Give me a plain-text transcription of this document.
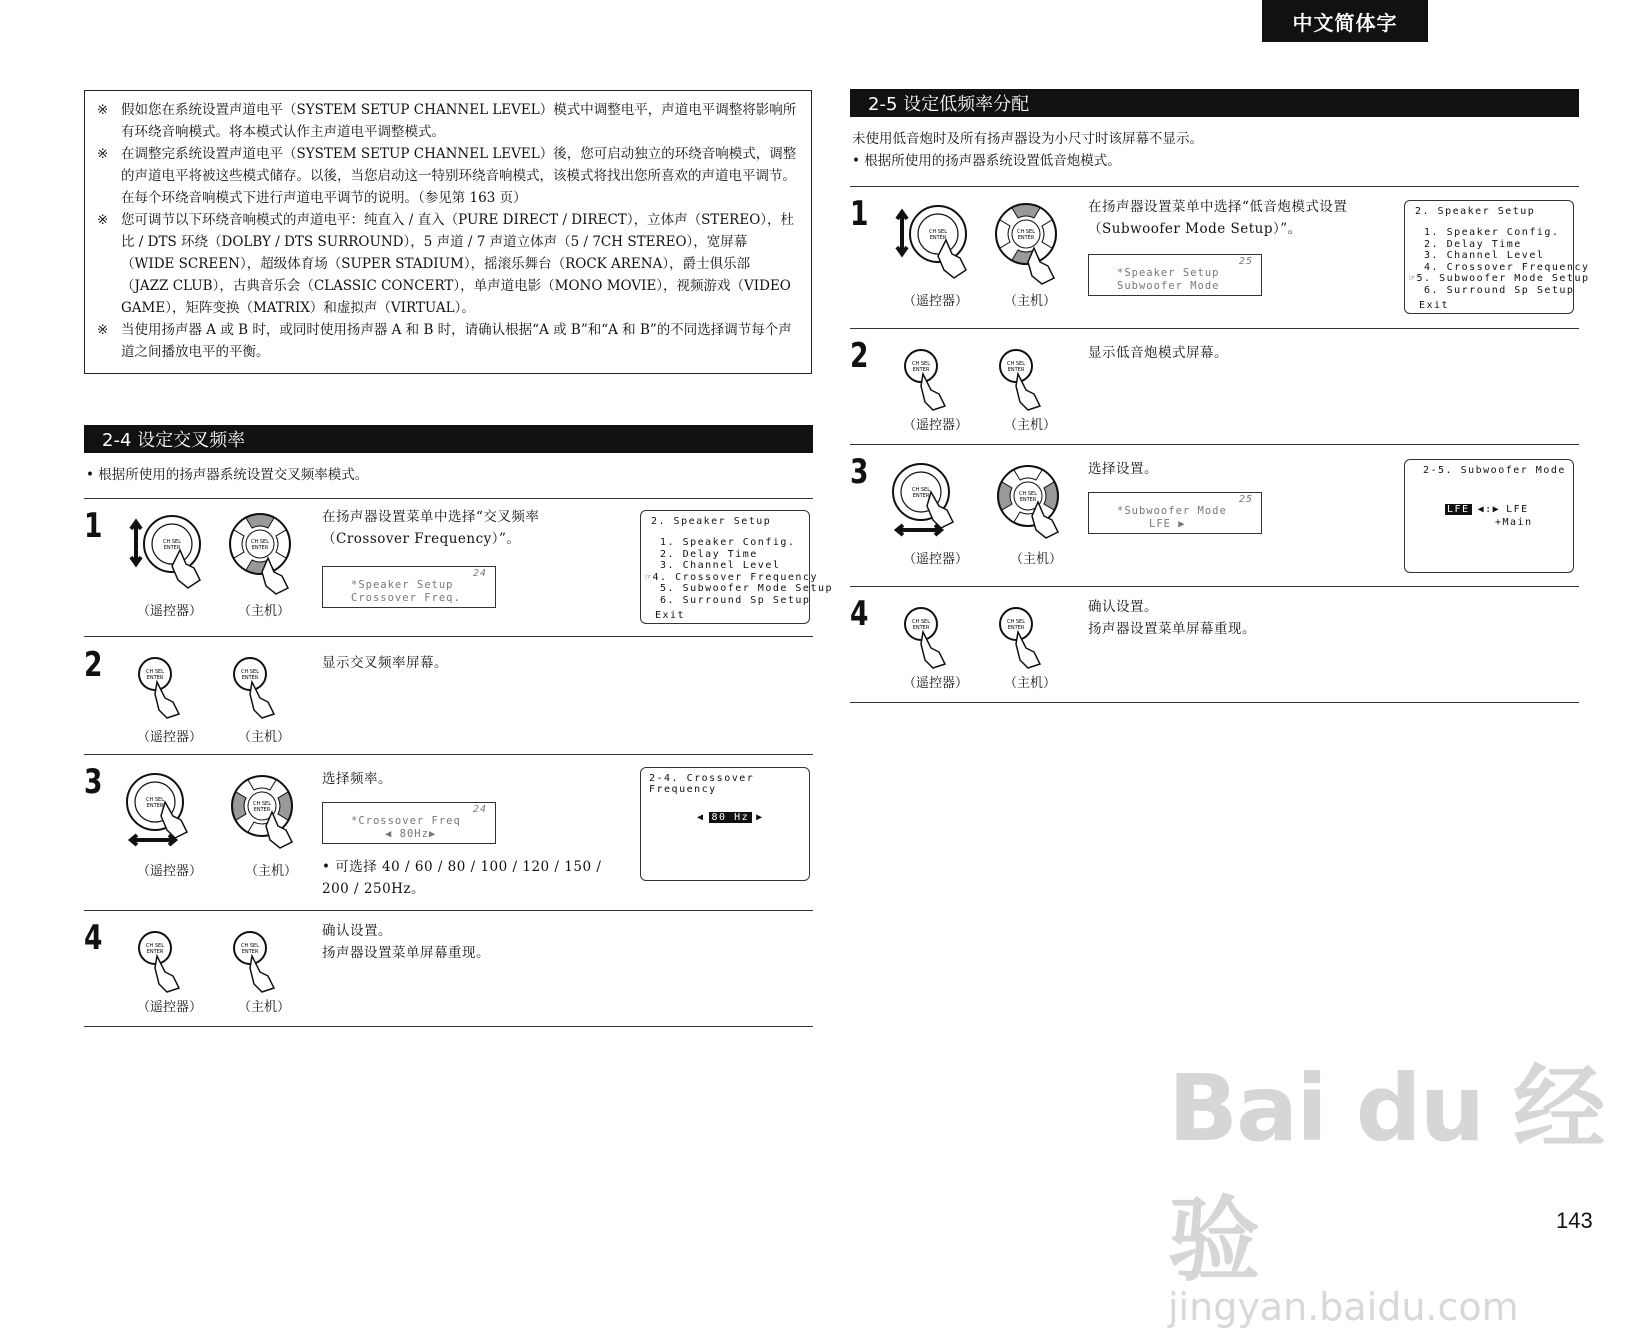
中文简体字
※ 假如您在系统设置声道电平（SYSTEM SETUP CHANNEL LEVEL）模式中调整电平，声道电平调整将影响所有环绕音响模式。将本模式认作主声道电平调整模式。
※ 在调整完系统设置声道电平（SYSTEM SETUP CHANNEL LEVEL）後，您可启动独立的环绕音响模式，调整的声道电平将被这些模式储存。以後，当您启动这一特别环绕音响模式，该模式将找出您所喜欢的声道电平调节。在每个环绕音响模式下进行声道电平调节的说明。（参见第 163 页）
※ 您可调节以下环绕音响模式的声道电平：纯直入 / 直入（PURE DIRECT / DIRECT），立体声（STEREO），杜比 / DTS 环绕（DOLBY / DTS SURROUND），5 声道 / 7 声道立体声（5 / 7CH STEREO），宽屏幕（WIDE SCREEN），超级体育场（SUPER STADIUM），摇滚乐舞台（ROCK ARENA），爵士俱乐部（JAZZ CLUB），古典音乐会（CLASSIC CONCERT），单声道电影（MONO MOVIE），视频游戏（VIDEO GAME），矩阵变换（MATRIX）和虚拟声（VIRTUAL）。
※ 当使用扬声器 A 或 B 时，或同时使用扬声器 A 和 B 时，请确认根据“A 或 B”和“A 和 B”的不同选择调节每个声道之间播放电平的平衡。
2-4 设定交叉频率
• 根据所使用的扬声器系统设置交叉频率模式。
1	CH SEL
ENTER
CH SEL
ENTER
（遥控器）	（主机）
在扬声器设置菜单中选择“交叉频率（Crossover Frequency）”。
24
*Speaker Setup
Crossover Freq.
2. Speaker Setup
1. Speaker Config.
2. Delay Time
3. Channel Level
☞4. Crossover Frequency
5. Subwoofer Mode Setup
6. Surround Sp Setup
Exit
2	CH SEL
ENTER
CH SEL
ENTER
（遥控器）	（主机）
显示交叉频率屏幕。
3	CH SEL
ENTER	CH SEL
ENTER
（遥控器）	（主机）
选择频率。
24
*Crossover Freq
◀ 80Hz▶
• 可选择 40 / 60 / 80 / 100 / 120 / 150 / 200 / 250Hz。
2-4. Crossover Frequency
◀ 80 Hz ▶
4	CH SEL
ENTER
CH SEL
ENTER
（遥控器）	（主机）
确认设置。
扬声器设置菜单屏幕重现。
2-5 设定低频率分配
未使用低音炮时及所有扬声器设为小尺寸时该屏幕不显示。
• 根据所使用的扬声器系统设置低音炮模式。
1	CH SEL
ENTER
CH SEL
ENTER
（遥控器）	（主机）
在扬声器设置菜单中选择“低音炮模式设置（Subwoofer Mode Setup）”。
25
*Speaker Setup
Subwoofer Mode
2. Speaker Setup
1. Speaker Config.
2. Delay Time
3. Channel Level
4. Crossover Frequency
☞5. Subwoofer Mode Setup
6. Surround Sp Setup
Exit
2	CH SEL
ENTER
CH SEL
ENTER
（遥控器）	（主机）
显示低音炮模式屏幕。
3	CH SEL
ENTER	CH SEL
ENTER
（遥控器）	（主机）
选择设置。
25
*Subwoofer Mode
LFE ▶
2-5. Subwoofer Mode
LFE ◀:▶ LFE
+Main
4	CH SEL
ENTER
CH SEL
ENTER
（遥控器）	（主机）
确认设置。
扬声器设置菜单屏幕重现。
Bai du 经验
jingyan.baidu.com
143
